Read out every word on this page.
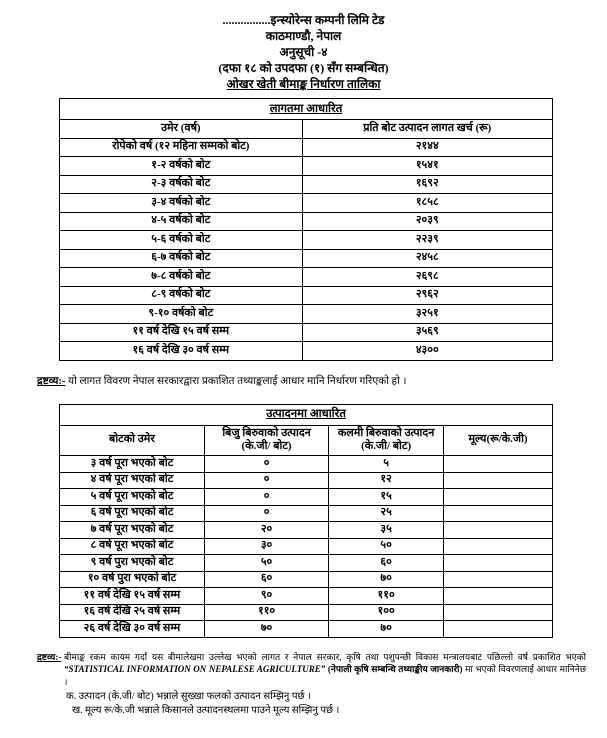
................इन्स्योरेन्स कम्पनी लिमि टेड
काठमाण्डौ, नेपाल
अनुसूची -४
(दफा १८ को उपदफा (१) सँग सम्बन्धित)
ओखर खेती बीमाङ्क निर्धारण तालिका
लागतमा आधारित	
उमेर (वर्ष)	प्रति बोट उत्पादन लागत खर्च (रू)
रोपेको वर्ष (१२ महिना सम्मको बोट)	२१४४
१-२ वर्षको बोट	१५४१
२-३ वर्षको बोट	१६९२
३-४ वर्षको बोट	१८५८
४-५ वर्षको बोट	२०३९
५-६ वर्षको बोट	२२३९
६-७ वर्षको बोट	२४५८
७-८ वर्षको बोट	२६९८
८-९ वर्षको बोट	२९६२
९-१० वर्षको बोट	३२५१
११ वर्ष देखि १५ वर्ष सम्म	३५६९
१६ वर्ष देखि ३० वर्ष सम्म	४३००
द्रष्टव्य:- यो लागत विवरण नेपाल सरकारद्वारा प्रकाशित तथ्याङ्कलाई आधार मानि निर्धारण गरिएको हो ।
उत्पादनमा आधारित			
बोटको उमेर	बिजु बिरुवाको उत्पादन (के.जी/ बोट)	कलमी बिरुवाको उत्पादन (के.जी/ बोट)	मूल्य(रू/के.जी)
३ वर्ष पूरा भएको बोट	०	५	
४ वर्ष पूरा भएको बोट	०	१२	
५ वर्ष पूरा भएको बोट	०	१५	
६ वर्ष पूरा भएको बोट	०	२५	
७ वर्ष पूरा भएको बोट	२०	३५	
८ वर्ष पूरा भएको बोट	३०	५०	
९ वर्ष पुरा भएको बोट	५०	६०	
१० वर्ष पुरा भएको बोट	६०	७०	
११ वर्ष देखि १५ वर्ष सम्म	९०	११०	
१६ वर्ष देखि २५ वर्ष सम्म	११०	१००	
२६ वर्ष देखि ३० वर्ष सम्म	७०	७०	
द्रष्टव्य:- बीमाङ्क रकम कायम गर्दा यस बीमालेखमा उल्लेख भएको लागत र नेपाल सरकार, कृषि तथा पशुपन्छी विकास मन्त्रालयबाट पछिल्लो वर्ष प्रकाशित भएको “STATISTICAL INFORMATION ON NEPALESE AGRICULTURE” (नेपाली कृषि सम्बन्धि तथ्याङ्कीय जानकारी) मा भएको विवरणलाई आधार मानिनेछ ।
क. उत्पादन (के.जी/ बोट) भन्नाले सुख्खा फलको उत्पादन सम्झिनु पर्छ ।
ख. मूल्य रू/के.जी भन्नाले किसानले उत्पादनस्थलमा पाउने मूल्य सम्झिनु पर्छ ।
